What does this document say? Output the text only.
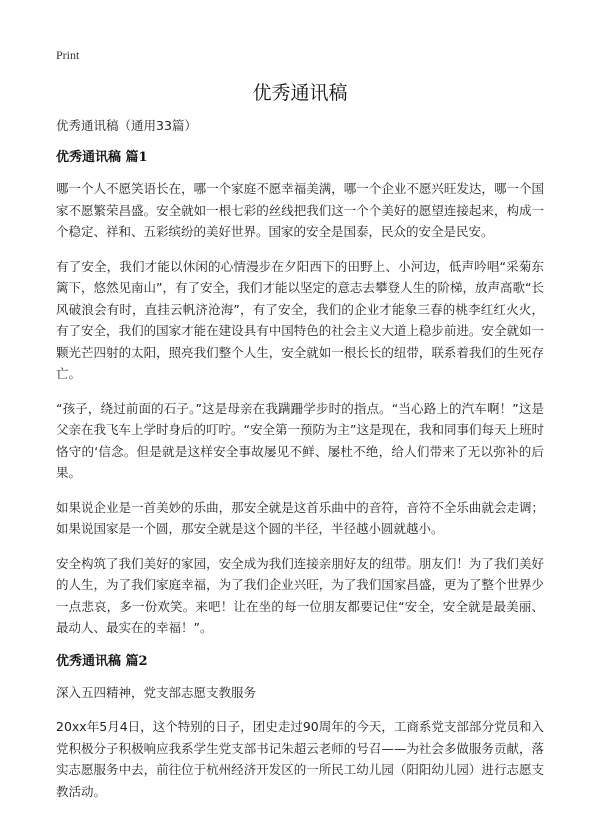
Print
优秀通讯稿

优秀通讯稿（通用33篇）

优秀通讯稿 篇1

哪一个人不愿笑语长在，哪一个家庭不愿幸福美满，哪一个企业不愿兴旺发达，哪一个国家不愿繁荣昌盛。安全就如一根七彩的丝线把我们这一个个美好的愿望连接起来，构成一个稳定、祥和、五彩缤纷的美好世界。国家的安全是国泰，民众的安全是民安。

有了安全，我们才能以休闲的心情漫步在夕阳西下的田野上、小河边，低声吟唱“采菊东篱下，悠然见南山”，有了安全，我们才能以坚定的意志去攀登人生的阶梯，放声高歌“长风破浪会有时，直挂云帆济沧海”，有了安全，我们的企业才能象三春的桃李红红火火，有了安全，我们的国家才能在建设具有中国特色的社会主义大道上稳步前进。安全就如一颗光芒四射的太阳，照亮我们整个人生，安全就如一根长长的纽带，联系着我们的生死存亡。

“孩子，绕过前面的石子。”这是母亲在我蹒跚学步时的指点。“当心路上的汽车啊！”这是父亲在我飞车上学时身后的叮咛。“安全第一预防为主”这是现在，我和同事们每天上班时恪守的‘信念。但是就是这样安全事故屡见不鲜、屡杜不绝，给人们带来了无以弥补的后果。

如果说企业是一首美妙的乐曲，那安全就是这首乐曲中的音符，音符不全乐曲就会走调；如果说国家是一个圆，那安全就是这个圆的半径，半径越小圆就越小。

安全构筑了我们美好的家园，安全成为我们连接亲朋好友的纽带。朋友们！为了我们美好的人生，为了我们家庭幸福，为了我们企业兴旺，为了我们国家昌盛，更为了整个世界少一点悲哀，多一份欢笑。来吧！让在坐的每一位朋友都要记住“安全，安全就是最美丽、最动人、最实在的幸福！”。

优秀通讯稿 篇2

深入五四精神，党支部志愿支教服务

20xx年5月4日，这个特别的日子，团史走过90周年的今天，工商系党支部部分党员和入党积极分子积极响应我系学生党支部书记朱超云老师的号召——为社会多做服务贡献，落实志愿服务中去，前往位于杭州经济开发区的一所民工幼儿园（阳阳幼儿园）进行志愿支教活动。
